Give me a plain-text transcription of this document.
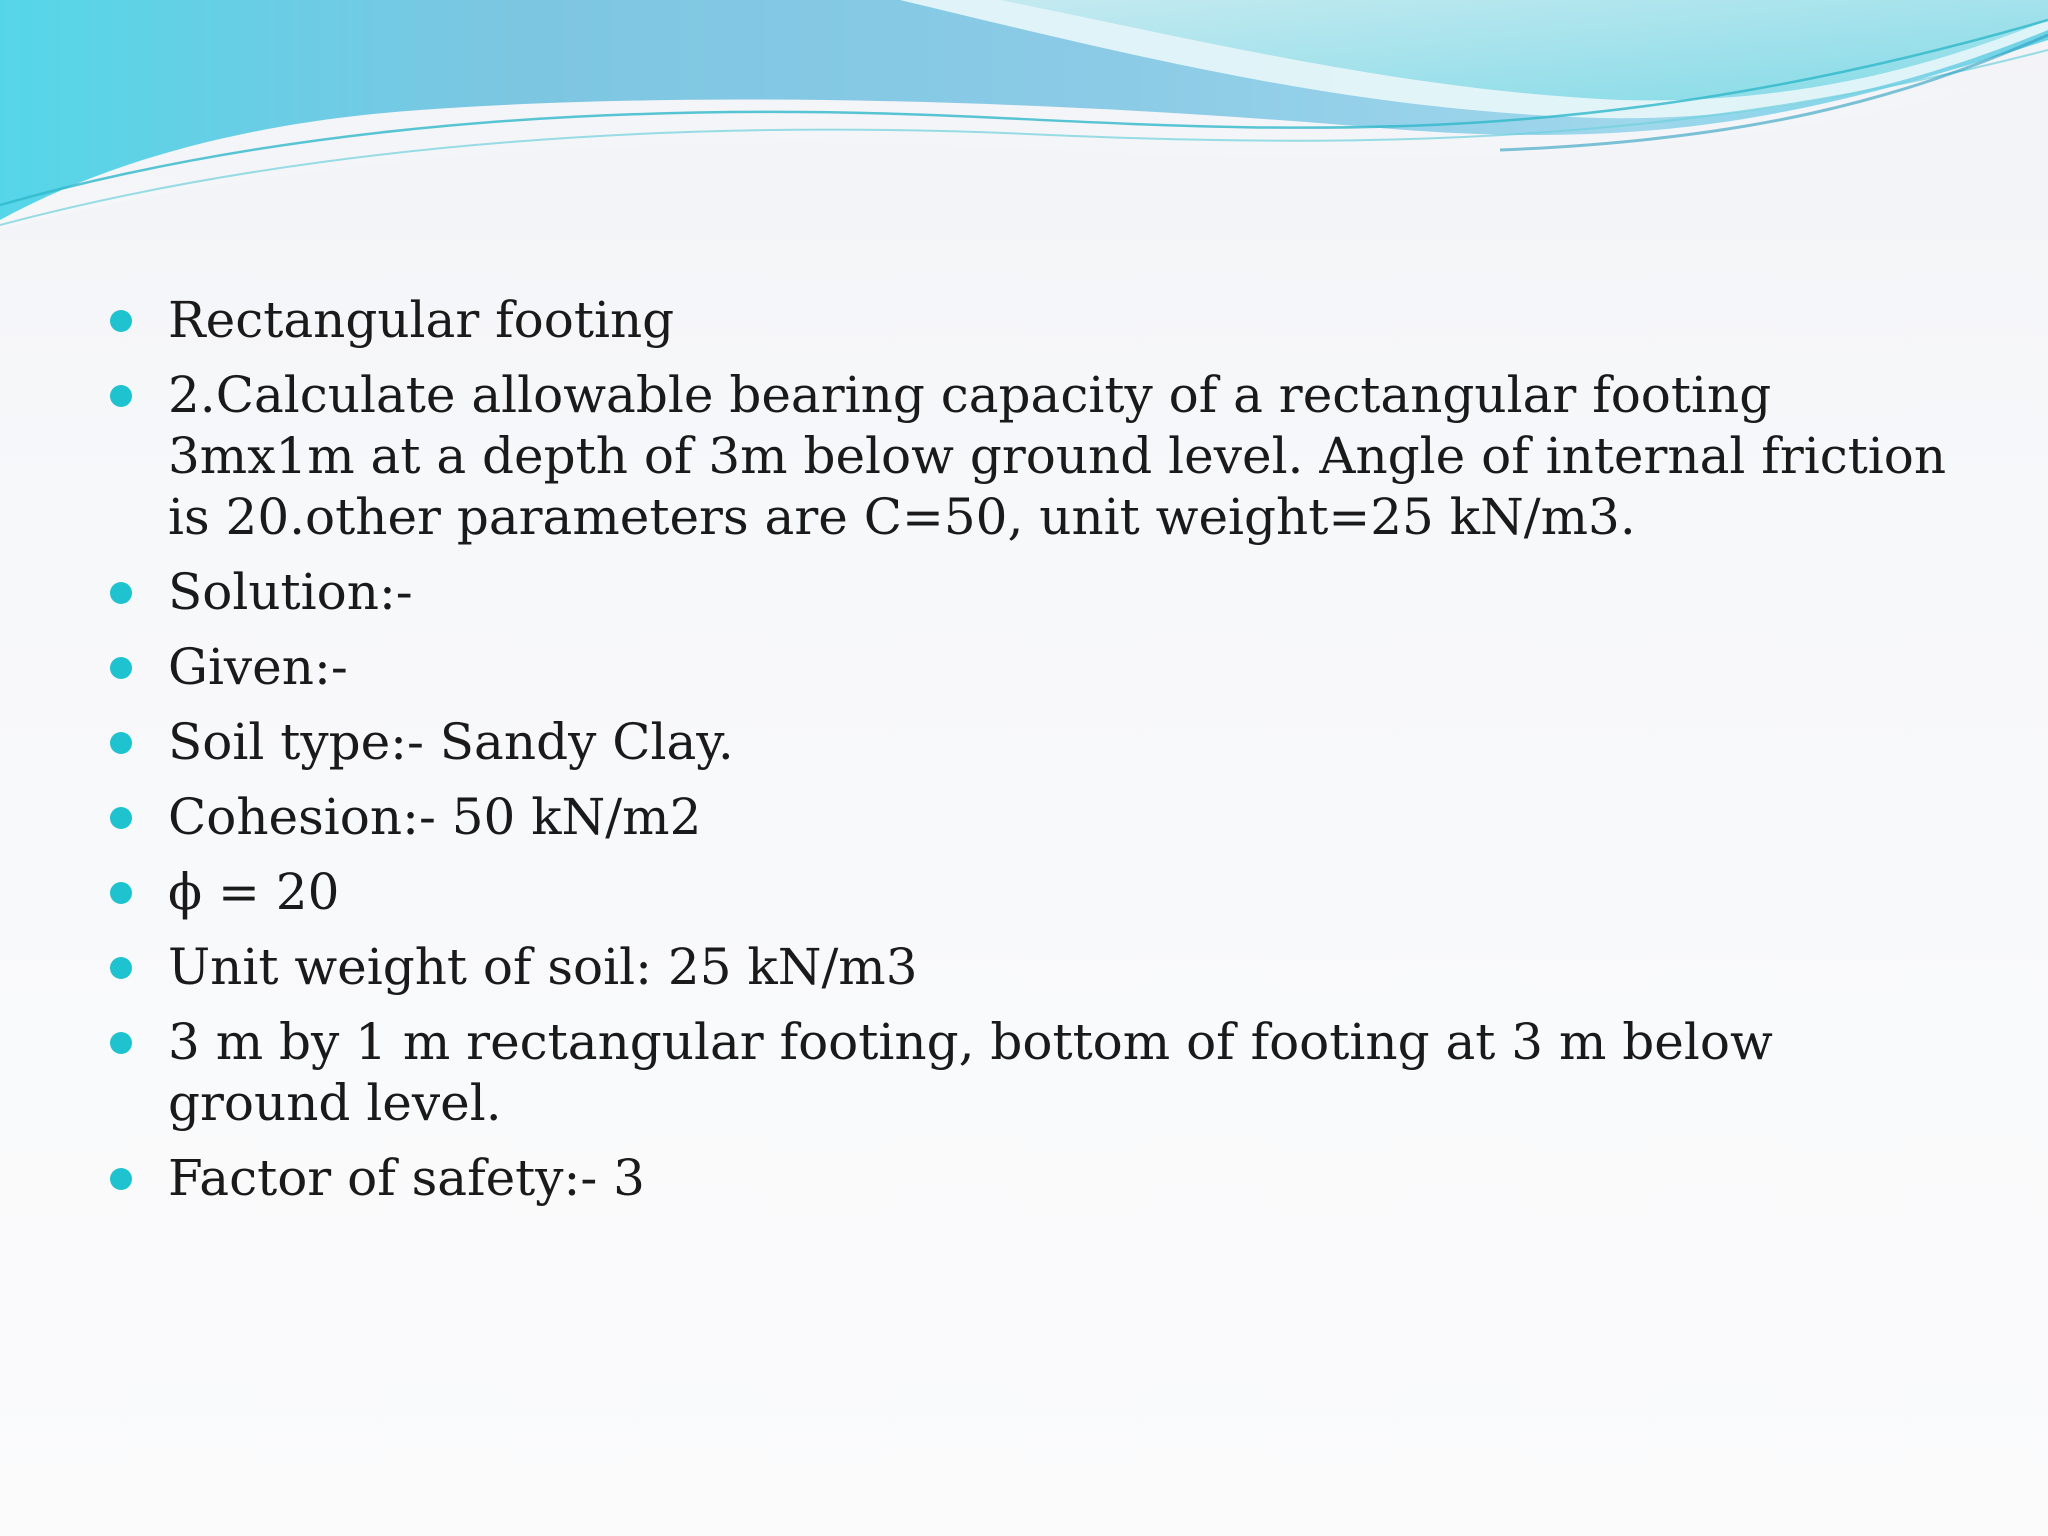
Rectangular footing
2.Calculate allowable bearing capacity of a rectangular footing 3mx1m at a depth of 3m below ground level. Angle of internal friction is 20.other parameters are C=50, unit weight=25 kN/m3.
Solution:-
Given:-
Soil type:- Sandy Clay.
Cohesion:- 50 kN/m2
ϕ = 20
Unit weight of soil: 25 kN/m3
3 m by 1 m rectangular footing, bottom of footing at 3 m below ground level.
Factor of safety:- 3
